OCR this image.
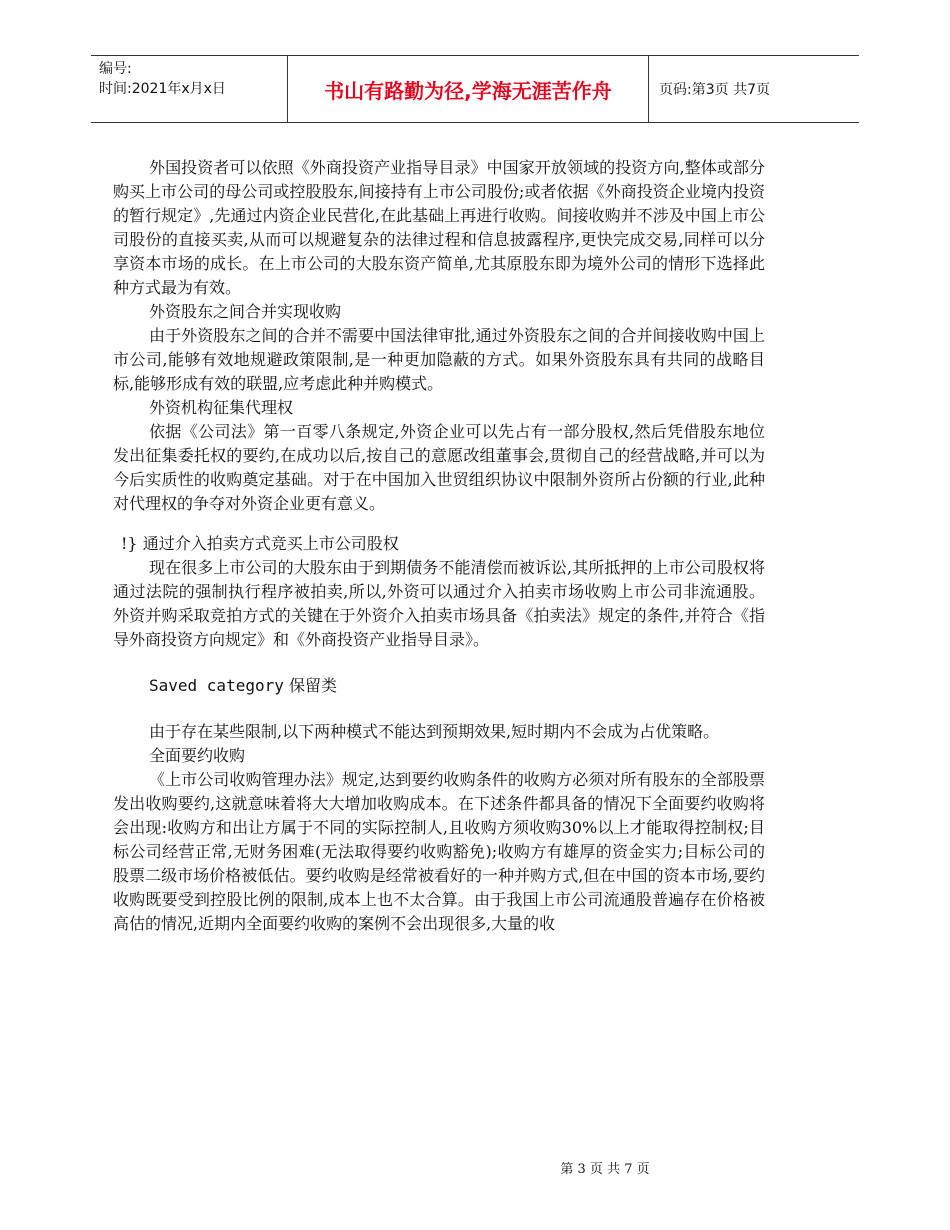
编号:
时间:2021年x月x日	书山有路勤为径,学海无涯苦作舟	页码:第3页 共7页

外国投资者可以依照《外商投资产业指导目录》中国家开放领域的投资方向,整体或部分购买上市公司的母公司或控股股东,间接持有上市公司股份;或者依据《外商投资企业境内投资的暂行规定》,先通过内资企业民营化,在此基础上再进行收购。间接收购并不涉及中国上市公司股份的直接买卖,从而可以规避复杂的法律过程和信息披露程序,更快完成交易,同样可以分享资本市场的成长。在上市公司的大股东资产简单,尤其原股东即为境外公司的情形下选择此种方式最为有效。

外资股东之间合并实现收购

由于外资股东之间的合并不需要中国法律审批,通过外资股东之间的合并间接收购中国上市公司,能够有效地规避政策限制,是一种更加隐蔽的方式。如果外资股东具有共同的战略目标,能够形成有效的联盟,应考虑此种并购模式。

外资机构征集代理权

依据《公司法》第一百零八条规定,外资企业可以先占有一部分股权,然后凭借股东地位发出征集委托权的要约,在成功以后,按自己的意愿改组董事会,贯彻自己的经营战略,并可以为今后实质性的收购奠定基础。对于在中国加入世贸组织协议中限制外资所占份额的行业,此种对代理权的争夺对外资企业更有意义。

!} 通过介入拍卖方式竞买上市公司股权

现在很多上市公司的大股东由于到期债务不能清偿而被诉讼,其所抵押的上市公司股权将通过法院的强制执行程序被拍卖,所以,外资可以通过介入拍卖市场收购上市公司非流通股。 外资并购采取竞拍方式的关键在于外资介入拍卖市场具备《拍卖法》规定的条件,并符合《指导外商投资方向规定》和《外商投资产业指导目录》。

Saved category 保留类

由于存在某些限制,以下两种模式不能达到预期效果,短时期内不会成为占优策略。

全面要约收购

《上市公司收购管理办法》规定,达到要约收购条件的收购方必须对所有股东的全部股票发出收购要约,这就意味着将大大增加收购成本。在下述条件都具备的情况下全面要约收购将会出现:收购方和出让方属于不同的实际控制人,且收购方须收购30%以上才能取得控制权;目标公司经营正常,无财务困难(无法取得要约收购豁免);收购方有雄厚的资金实力;目标公司的股票二级市场价格被低估。要约收购是经常被看好的一种并购方式,但在中国的资本市场,要约收购既要受到控股比例的限制,成本上也不太合算。由于我国上市公司流通股普遍存在价格被高估的情况,近期内全面要约收购的案例不会出现很多,大量的收

第 3 页 共 7 页
